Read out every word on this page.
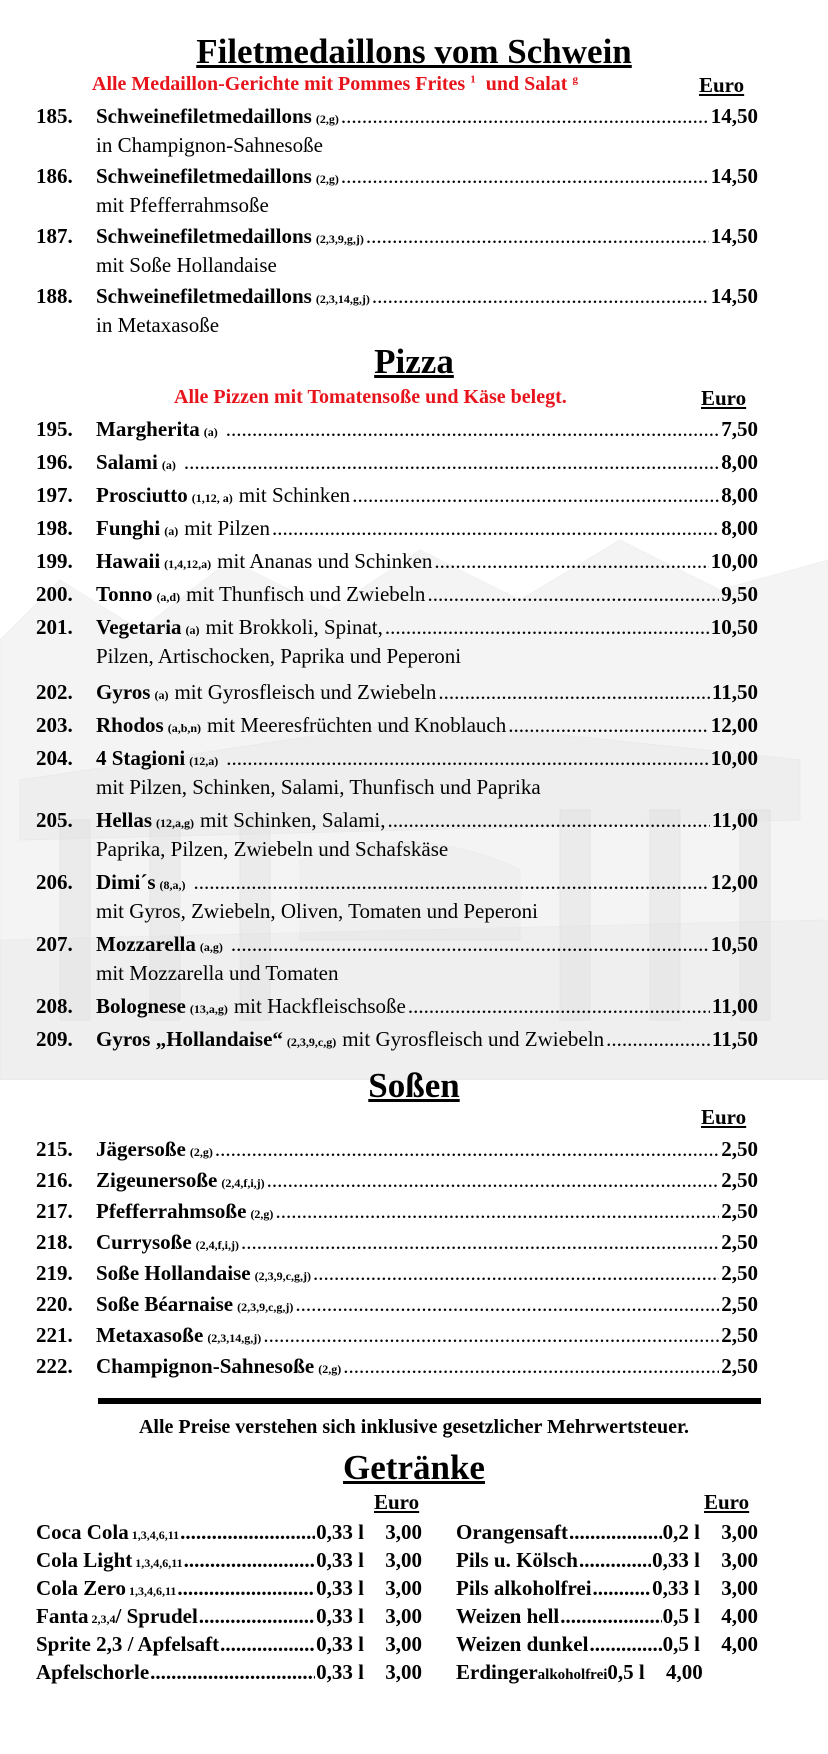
Filetmedaillons vom Schwein
Alle Medaillon-Gerichte mit Pommes Frites $^1$ und Salat $^g$	Euro
185.	Schweinefiletmedaillons (2,g) .....	14,50
in Champignon-Sahnesoße
186.	Schweinefiletmedaillons (2,g) .....	14,50
mit Pfefferrahmsoße
187.	Schweinefiletmedaillons (2,3,9,g,j) .....	14,50
mit Soße Hollandaise
188.	Schweinefiletmedaillons (2,3,14,g,j) .....	14,50
in Metaxasoße
Pizza
Alle Pizzen mit Tomatensoße und Käse belegt.	Euro
195.	Margherita (a) .....	7,50
196.	Salami (a) .....	8,00
197.	Prosciutto (1,12, a) mit Schinken .....	8,00
198.	Funghi (a) mit Pilzen .....	8,00
199.	Hawaii (1,4,12,a) mit Ananas und Schinken .....	10,00
200.	Tonno (a,d) mit Thunfisch und Zwiebeln .....	9,50
201.	Vegetaria (a) mit Brokkoli, Spinat, .....	10,50
Pilzen, Artischocken, Paprika und Peperoni
202.	Gyros (a) mit Gyrosfleisch und Zwiebeln .....	11,50
203.	Rhodos (a,b,n) mit Meeresfrüchten und Knoblauch .....	12,00
204.	4 Stagioni (12,a) .....	10,00
mit Pilzen, Schinken, Salami, Thunfisch und Paprika
205.	Hellas (12,a,g) mit Schinken, Salami, .....	11,00
Paprika, Pilzen, Zwiebeln und Schafskäse
206.	Dimi´s (8,a,) .....	12,00
mit Gyros, Zwiebeln, Oliven, Tomaten und Peperoni
207.	Mozzarella (a,g) .....	10,50
mit Mozzarella und Tomaten
208.	Bolognese (13,a,g) mit Hackfleischsoße .....	11,00
209.	Gyros „Hollandaise“ (2,3,9,c,g) mit Gyrosfleisch und Zwiebeln .....	11,50
Soßen
Euro
215.	Jägersoße (2,g) .....	2,50
216.	Zigeunersoße (2,4,f,i,j) .....	2,50
217.	Pfefferrahmsoße (2,g) .....	2,50
218.	Currysoße (2,4,f,i,j) .....	2,50
219.	Soße Hollandaise (2,3,9,c,g,j) .....	2,50
220.	Soße Béarnaise (2,3,9,c,g,j) .....	2,50
221.	Metaxasoße (2,3,14,g,j) .....	2,50
222.	Champignon-Sahnesoße (2,g) .....	2,50
Alle Preise verstehen sich inklusive gesetzlicher Mehrwertsteuer.
Getränke
Euro	Euro
Coca Cola 1,3,4,6,11 .....	0,33 l	3,00
Cola Light 1,3,4,6,11 .....	0,33 l	3,00
Cola Zero 1,3,4,6,11 .....	0,33 l	3,00
Fanta 2,3,4 / Sprudel .....	0,33 l	3,00
Sprite 2,3 / Apfelsaft .....	0,33 l	3,00
Apfelschorle .....	0,33 l	3,00
Orangensaft .....	0,2 l	3,00
Pils u. Kölsch .....	0,33 l	3,00
Pils alkoholfrei .....	0,33 l	3,00
Weizen hell .....	0,5 l	4,00
Weizen dunkel .....	0,5 l	4,00
Erdinger alkoholfrei 0,5 l	4,00
